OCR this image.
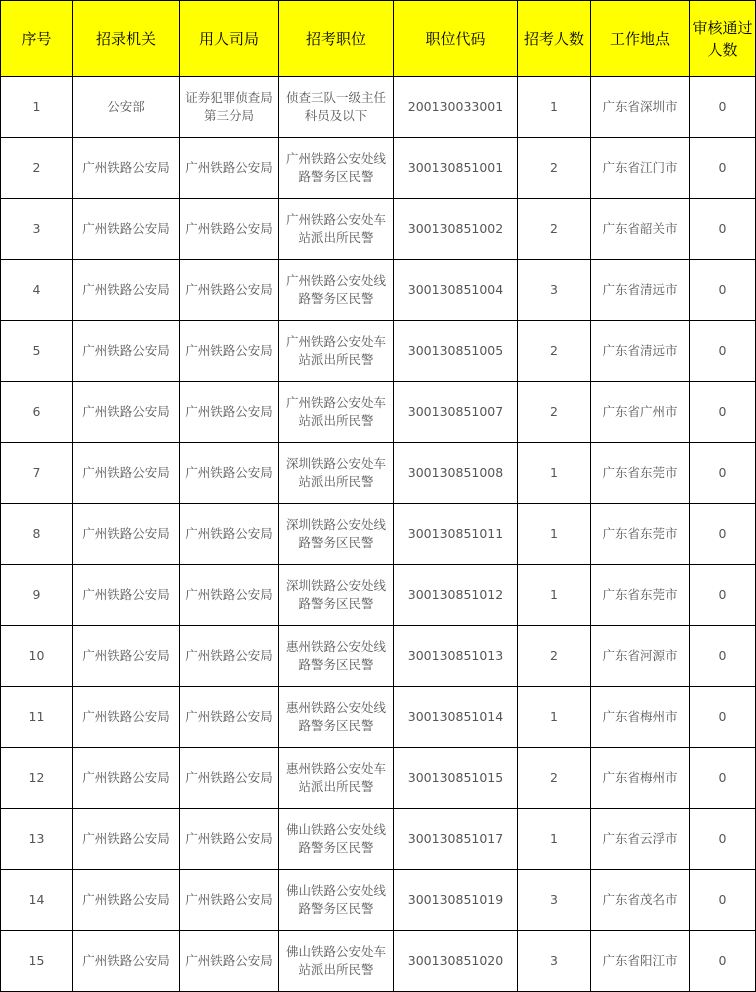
序号	招录机关	用人司局	招考职位	职位代码	招考人数	工作地点	审核通过人数
1	公安部	证券犯罪侦查局第三分局	侦查三队一级主任科员及以下	200130033001	1	广东省深圳市	0
2	广州铁路公安局	广州铁路公安局	广州铁路公安处线路警务区民警	300130851001	2	广东省江门市	0
3	广州铁路公安局	广州铁路公安局	广州铁路公安处车站派出所民警	300130851002	2	广东省韶关市	0
4	广州铁路公安局	广州铁路公安局	广州铁路公安处线路警务区民警	300130851004	3	广东省清远市	0
5	广州铁路公安局	广州铁路公安局	广州铁路公安处车站派出所民警	300130851005	2	广东省清远市	0
6	广州铁路公安局	广州铁路公安局	广州铁路公安处车站派出所民警	300130851007	2	广东省广州市	0
7	广州铁路公安局	广州铁路公安局	深圳铁路公安处车站派出所民警	300130851008	1	广东省东莞市	0
8	广州铁路公安局	广州铁路公安局	深圳铁路公安处线路警务区民警	300130851011	1	广东省东莞市	0
9	广州铁路公安局	广州铁路公安局	深圳铁路公安处线路警务区民警	300130851012	1	广东省东莞市	0
10	广州铁路公安局	广州铁路公安局	惠州铁路公安处线路警务区民警	300130851013	2	广东省河源市	0
11	广州铁路公安局	广州铁路公安局	惠州铁路公安处线路警务区民警	300130851014	1	广东省梅州市	0
12	广州铁路公安局	广州铁路公安局	惠州铁路公安处车站派出所民警	300130851015	2	广东省梅州市	0
13	广州铁路公安局	广州铁路公安局	佛山铁路公安处线路警务区民警	300130851017	1	广东省云浮市	0
14	广州铁路公安局	广州铁路公安局	佛山铁路公安处线路警务区民警	300130851019	3	广东省茂名市	0
15	广州铁路公安局	广州铁路公安局	佛山铁路公安处车站派出所民警	300130851020	3	广东省阳江市	0
